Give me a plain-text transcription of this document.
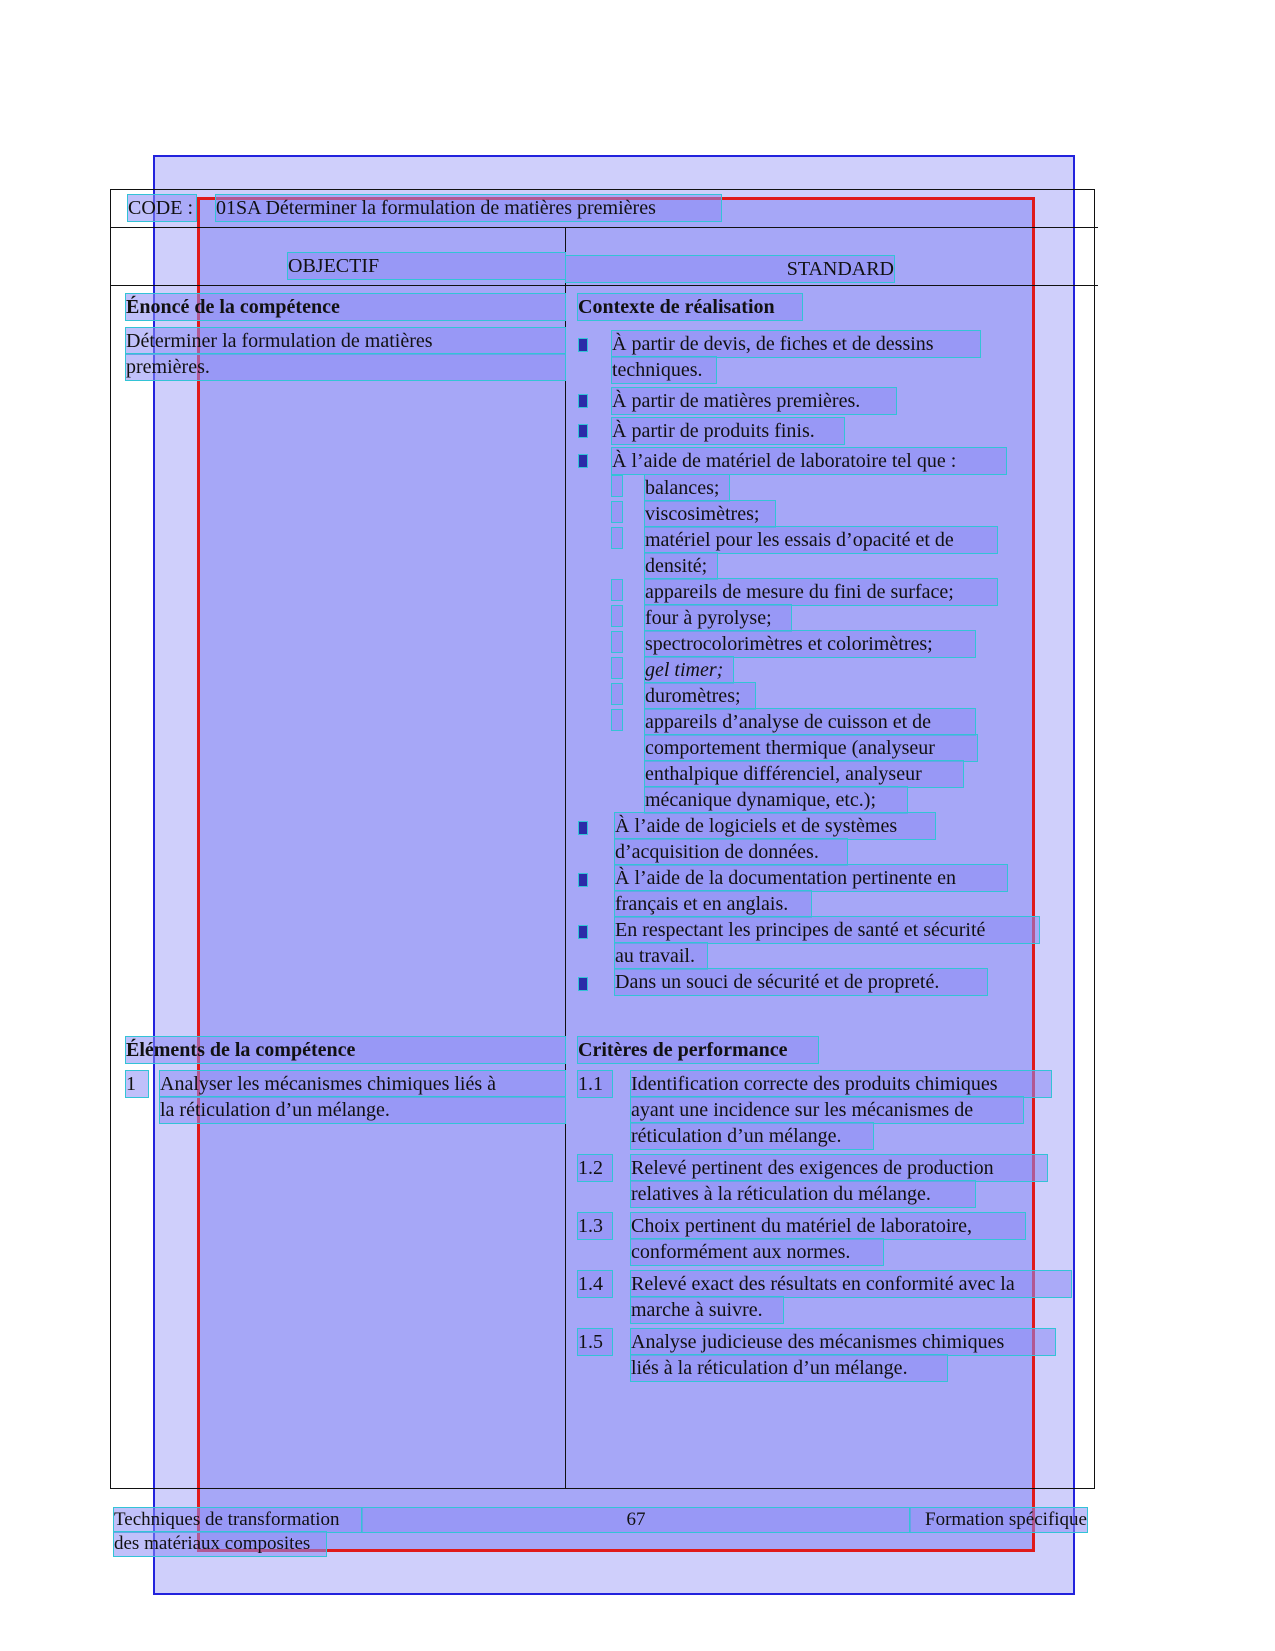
CODE : 01SA Déterminer la formulation de matières premières
OBJECTIF	STANDARD
Énoncé de la compétence
Déterminer la formulation de matières
premières.
Éléments de la compétence
1	Analyser les mécanismes chimiques liés à
la réticulation d’un mélange.
Contexte de réalisation
À partir de devis, de fiches et de dessins
techniques.
À partir de matières premières.
À partir de produits finis.
À l’aide de matériel de laboratoire tel que :
balances;
viscosimètres;
matériel pour les essais d’opacité et de
densité;
appareils de mesure du fini de surface;
four à pyrolyse;
spectrocolorimètres et colorimètres;
gel timer;
duromètres;
appareils d’analyse de cuisson et de
comportement thermique (analyseur
enthalpique différenciel, analyseur
mécanique dynamique, etc.);
À l’aide de logiciels et de systèmes
d’acquisition de données.
À l’aide de la documentation pertinente en
français et en anglais.
En respectant les principes de santé et sécurité
au travail.
Dans un souci de sécurité et de propreté.
Critères de performance
1.1	Identification correcte des produits chimiques
ayant une incidence sur les mécanismes de
réticulation d’un mélange.
1.2	Relevé pertinent des exigences de production
relatives à la réticulation du mélange.
1.3	Choix pertinent du matériel de laboratoire,
conformément aux normes.
1.4	Relevé exact des résultats en conformité avec la
marche à suivre.
1.5	Analyse judicieuse des mécanismes chimiques
liés à la réticulation d’un mélange.
Techniques de transformation
des matériaux composites
67	Formation spécifique
